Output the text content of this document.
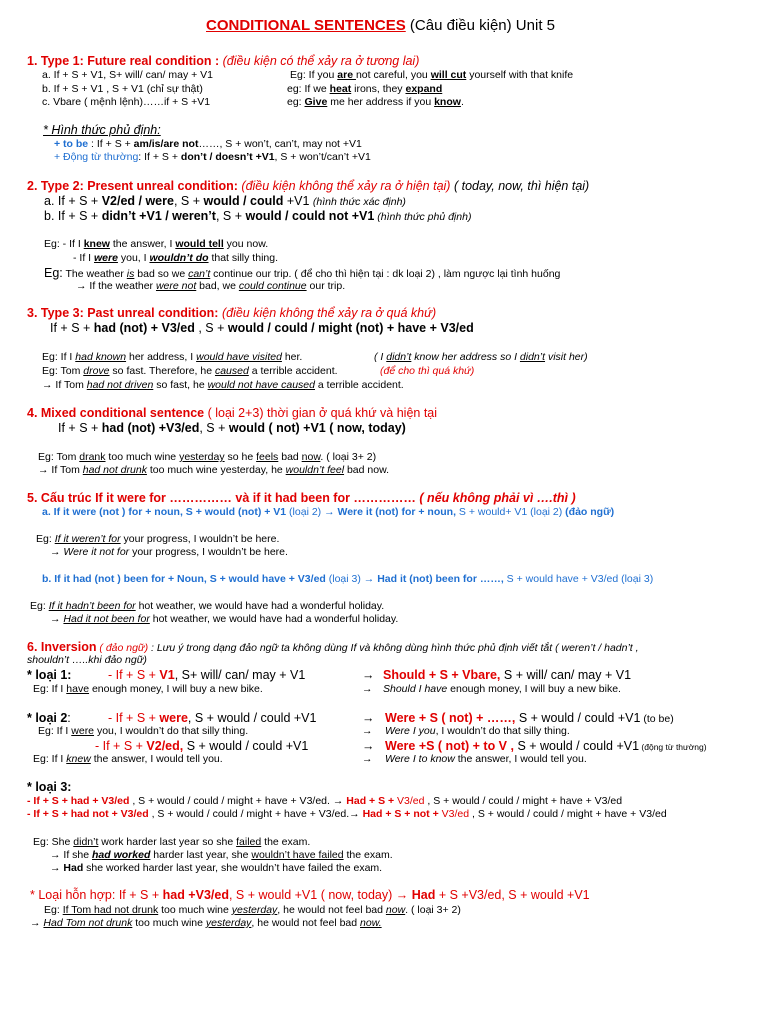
CONDITIONAL SENTENCES (Câu điều kiện) Unit 5
1. Type 1: Future real condition : (điều kiện có thể xảy ra ở tương lai)
a. If + S + V1, S+ will/ can/ may + V1	Eg: If you are not careful, you will cut yourself with that knife
b. If + S + V1 , S + V1 (chỉ sự thật)	eg: If we heat irons, they expand
c. Vbare ( mệnh lệnh)……if + S +V1	eg: Give me her address if you know.
* Hình thức phủ định:
+ to be : If + S + am/is/are not……, S + won’t, can’t, may not +V1
+ Động từ thường: If + S + don’t / doesn’t +V1, S + won’t/can’t +V1
2. Type 2: Present unreal condition: (điều kiện không thể xảy ra ở hiện tại) ( today, now, thì hiện tại)
a. If + S + V2/ed / were, S + would / could +V1 (hình thức xác định)
b. If + S + didn’t +V1 / weren’t, S + would / could not +V1 (hình thức phủ định)
Eg: - If I knew the answer, I would tell you now.
- If I were you, I wouldn’t do that silly thing.
Eg: The weather is bad so we can’t continue our trip. ( để cho thì hiện tại : dk loại 2) , làm ngược lại tình huống
→ If the weather were not bad, we could continue our trip.
3. Type 3: Past unreal condition: (điều kiện không thể xảy ra ở quá khứ)
If + S + had (not) + V3/ed , S + would / could / might (not) + have + V3/ed
Eg: If I had known her address, I would have visited her.	( I didn’t know her address so I didn’t visit her)
Eg: Tom drove so fast. Therefore, he caused a terrible accident.	(để cho thì quá khứ)
→ If Tom had not driven so fast, he would not have caused a terrible accident.
4. Mixed conditional sentence ( loại 2+3) thời gian ở quá khứ và hiện tại
If + S + had (not) +V3/ed, S + would ( not) +V1 ( now, today)
Eg: Tom drank too much wine yesterday so he feels bad now. ( loại 3+ 2)
→ If Tom had not drunk too much wine yesterday, he wouldn’t feel bad now.
5. Cấu trúc If it were for …………… và if it had been for …………… ( nếu không phải vì ….thì )
a. If it were (not ) for + noun, S + would (not) + V1 (loại 2) → Were it (not) for + noun, S + would+ V1 (loại 2) (đảo ngữ)
Eg: If it weren’t for your progress, I wouldn’t be here.
→ Were it not for your progress, I wouldn’t be here.
b. If it had (not ) been for + Noun, S + would have + V3/ed (loại 3) → Had it (not) been for ……, S + would have + V3/ed (loại 3)
Eg: If it hadn’t been for hot weather, we would have had a wonderful holiday.
→ Had it not been for hot weather, we would have had a wonderful holiday.
6. Inversion ( đảo ngữ) : Lưu ý trong dạng đảo ngữ ta không dùng If và không dùng hình thức phủ định viết tắt ( weren’t / hadn’t ,
shouldn’t …..khi đảo ngữ)
* loại 1:	- If + S + V1, S+ will/ can/ may + V1	→ Should + S + Vbare, S + will/ can/ may + V1
Eg: If I have enough money, I will buy a new bike.	→ Should I have enough money, I will buy a new bike.
* loại 2:	- If + S + were, S + would / could +V1	→ Were + S ( not) + ……, S + would / could +V1 (to be)
Eg: If I were you, I wouldn’t do that silly thing.	→ Were I you, I wouldn’t do that silly thing.
- If + S + V2/ed, S + would / could +V1	→ Were +S ( not) + to V , S + would / could +V1 (động từ thường)
Eg: If I knew the answer, I would tell you.	→ Were I to know the answer, I would tell you.
* loại 3:
- If + S + had + V3/ed , S + would / could / might + have + V3/ed. → Had + S + V3/ed , S + would / could / might + have + V3/ed
- If + S + had not + V3/ed , S + would / could / might + have + V3/ed.→ Had + S + not + V3/ed , S + would / could / might + have + V3/ed
Eg: She didn’t work harder last year so she failed the exam.
→ If she had worked harder last year, she wouldn’t have failed the exam.
→ Had she worked harder last year, she wouldn’t have failed the exam.
* Loại hỗn hợp: If + S + had +V3/ed, S + would +V1 ( now, today) → Had + S +V3/ed, S + would +V1
Eg: If Tom had not drunk too much wine yesterday, he would not feel bad now. ( loại 3+ 2)
→ Had Tom not drunk too much wine yesterday, he would not feel bad now.
